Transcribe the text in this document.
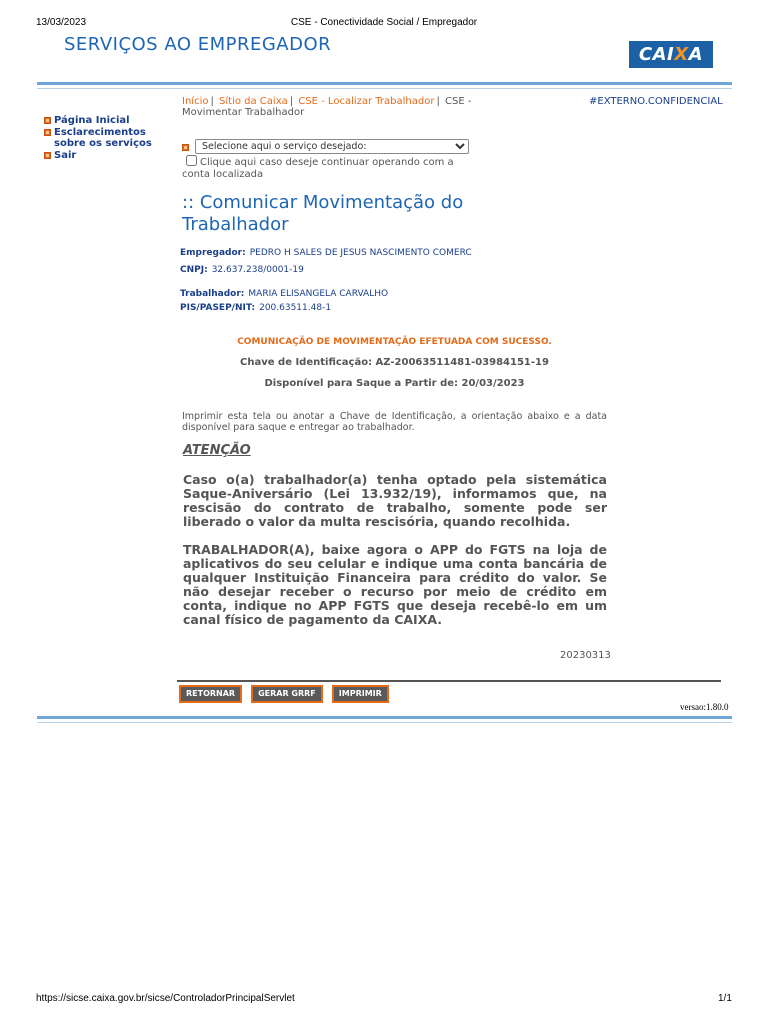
13/03/2023	CSE - Conectividade Social / Empregador
SERVIÇOS AO EMPREGADOR	CAI X A
Página Inicial
Esclarecimentos sobre os serviços
Sair
Início | Sítio da Caixa | CSE - Localizar Trabalhador | CSE - Movimentar Trabalhador
#EXTERNO.CONFIDENCIAL
Selecione aqui o serviço desejado:
Clique aqui caso deseje continuar operando com a conta localizada
:: Comunicar Movimentação do Trabalhador
Empregador: PEDRO H SALES DE JESUS NASCIMENTO COMERC
CNPJ: 32.637.238/0001-19
Trabalhador: MARIA ELISANGELA CARVALHO
PIS/PASEP/NIT: 200.63511.48-1
COMUNICAÇÃO DE MOVIMENTAÇÃO EFETUADA COM SUCESSO.
Chave de Identificação: AZ-20063511481-03984151-19
Disponível para Saque a Partir de: 20/03/2023
Imprimir esta tela ou anotar a Chave de Identificação, a orientação abaixo e a data disponível para saque e entregar ao trabalhador.
ATENÇÃO
Caso o(a) trabalhador(a) tenha optado pela sistemática Saque-Aniversário (Lei 13.932/19), informamos que, na rescisão do contrato de trabalho, somente pode ser liberado o valor da multa rescisória, quando recolhida.
TRABALHADOR(A), baixe agora o APP do FGTS na loja de aplicativos do seu celular e indique uma conta bancária de qualquer Instituição Financeira para crédito do valor. Se não desejar receber o recurso por meio de crédito em conta, indique no APP FGTS que deseja recebê-lo em um canal físico de pagamento da CAIXA.
20230313
RETORNAR	GERAR GRRF	IMPRIMIR
versao:1.80.0
https://sicse.caixa.gov.br/sicse/ControladorPrincipalServlet	1/1
